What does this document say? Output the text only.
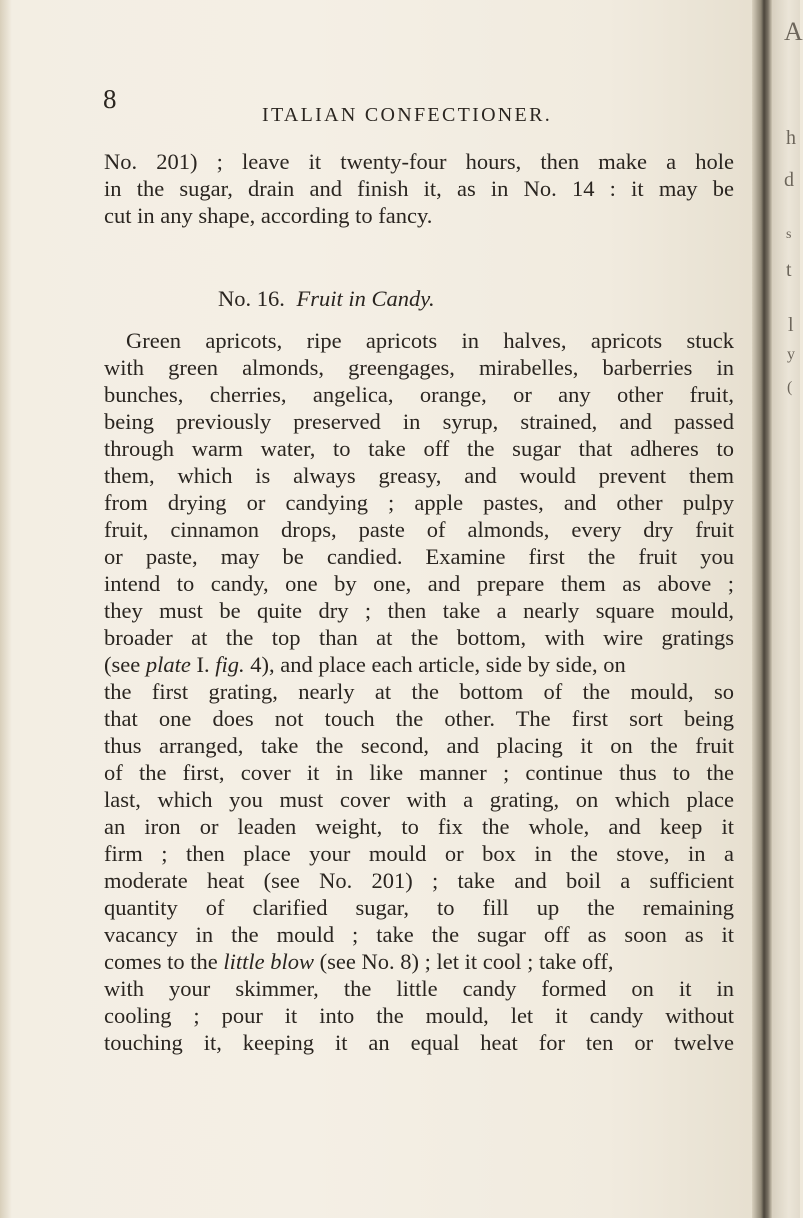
8
ITALIAN CONFECTIONER.
No. 201) ; leave it twenty-four hours, then make a hole
in the sugar, drain and finish it, as in No. 14 : it may be
cut in any shape, according to fancy.
No. 16. Fruit in Candy.
Green apricots, ripe apricots in halves, apricots stuck
with green almonds, greengages, mirabelles, barberries in
bunches, cherries, angelica, orange, or any other fruit,
being previously preserved in syrup, strained, and passed
through warm water, to take off the sugar that adheres to
them, which is always greasy, and would prevent them
from drying or candying ; apple pastes, and other pulpy
fruit, cinnamon drops, paste of almonds, every dry fruit
or paste, may be candied. Examine first the fruit you
intend to candy, one by one, and prepare them as above ;
they must be quite dry ; then take a nearly square mould,
broader at the top than at the bottom, with wire gratings
(see plate I. fig. 4), and place each article, side by side, on
the first grating, nearly at the bottom of the mould, so
that one does not touch the other. The first sort being
thus arranged, take the second, and placing it on the fruit
of the first, cover it in like manner ; continue thus to the
last, which you must cover with a grating, on which place
an iron or leaden weight, to fix the whole, and keep it
firm ; then place your mould or box in the stove, in a
moderate heat (see No. 201) ; take and boil a sufficient
quantity of clarified sugar, to fill up the remaining
vacancy in the mould ; take the sugar off as soon as it
comes to the little blow (see No. 8) ; let it cool ; take off,
with your skimmer, the little candy formed on it in
cooling ; pour it into the mould, let it candy without
touching it, keeping it an equal heat for ten or twelve
A
h
d
s
t
l
y
(
